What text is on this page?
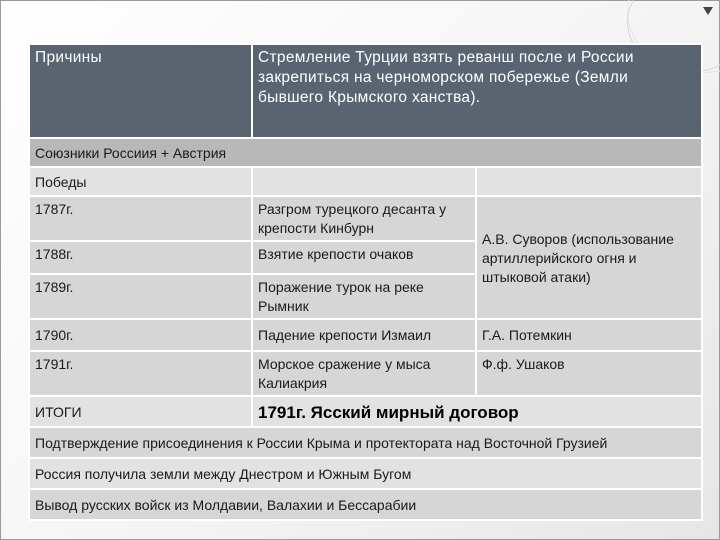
Причины	Стремление Турции взять реванш после и России закрепиться на черноморском побережье (Земли бывшего Крымского ханства).	
Союзники Россиия + Австрия		
Победы		
1787г.	Разгром турецкого десанта у крепости Кинбурн	А.В. Суворов (использование артиллерийского огня и штыковой атаки)
1788г.	Взятие крепости очаков	
1789г.	Поражение турок на реке Рымник	
1790г.	Падение крепости Измаил	Г.А. Потемкин
1791г.	Морское сражение у мыса Калиакрия	Ф.ф. Ушаков
ИТОГИ	1791г. Ясский мирный договор	
Подтверждение присоединения к России Крыма и протектората над Восточной Грузией		
Россия получила земли между Днестром и Южным Бугом		
Вывод русских войск из Молдавии, Валахии и Бессарабии		
